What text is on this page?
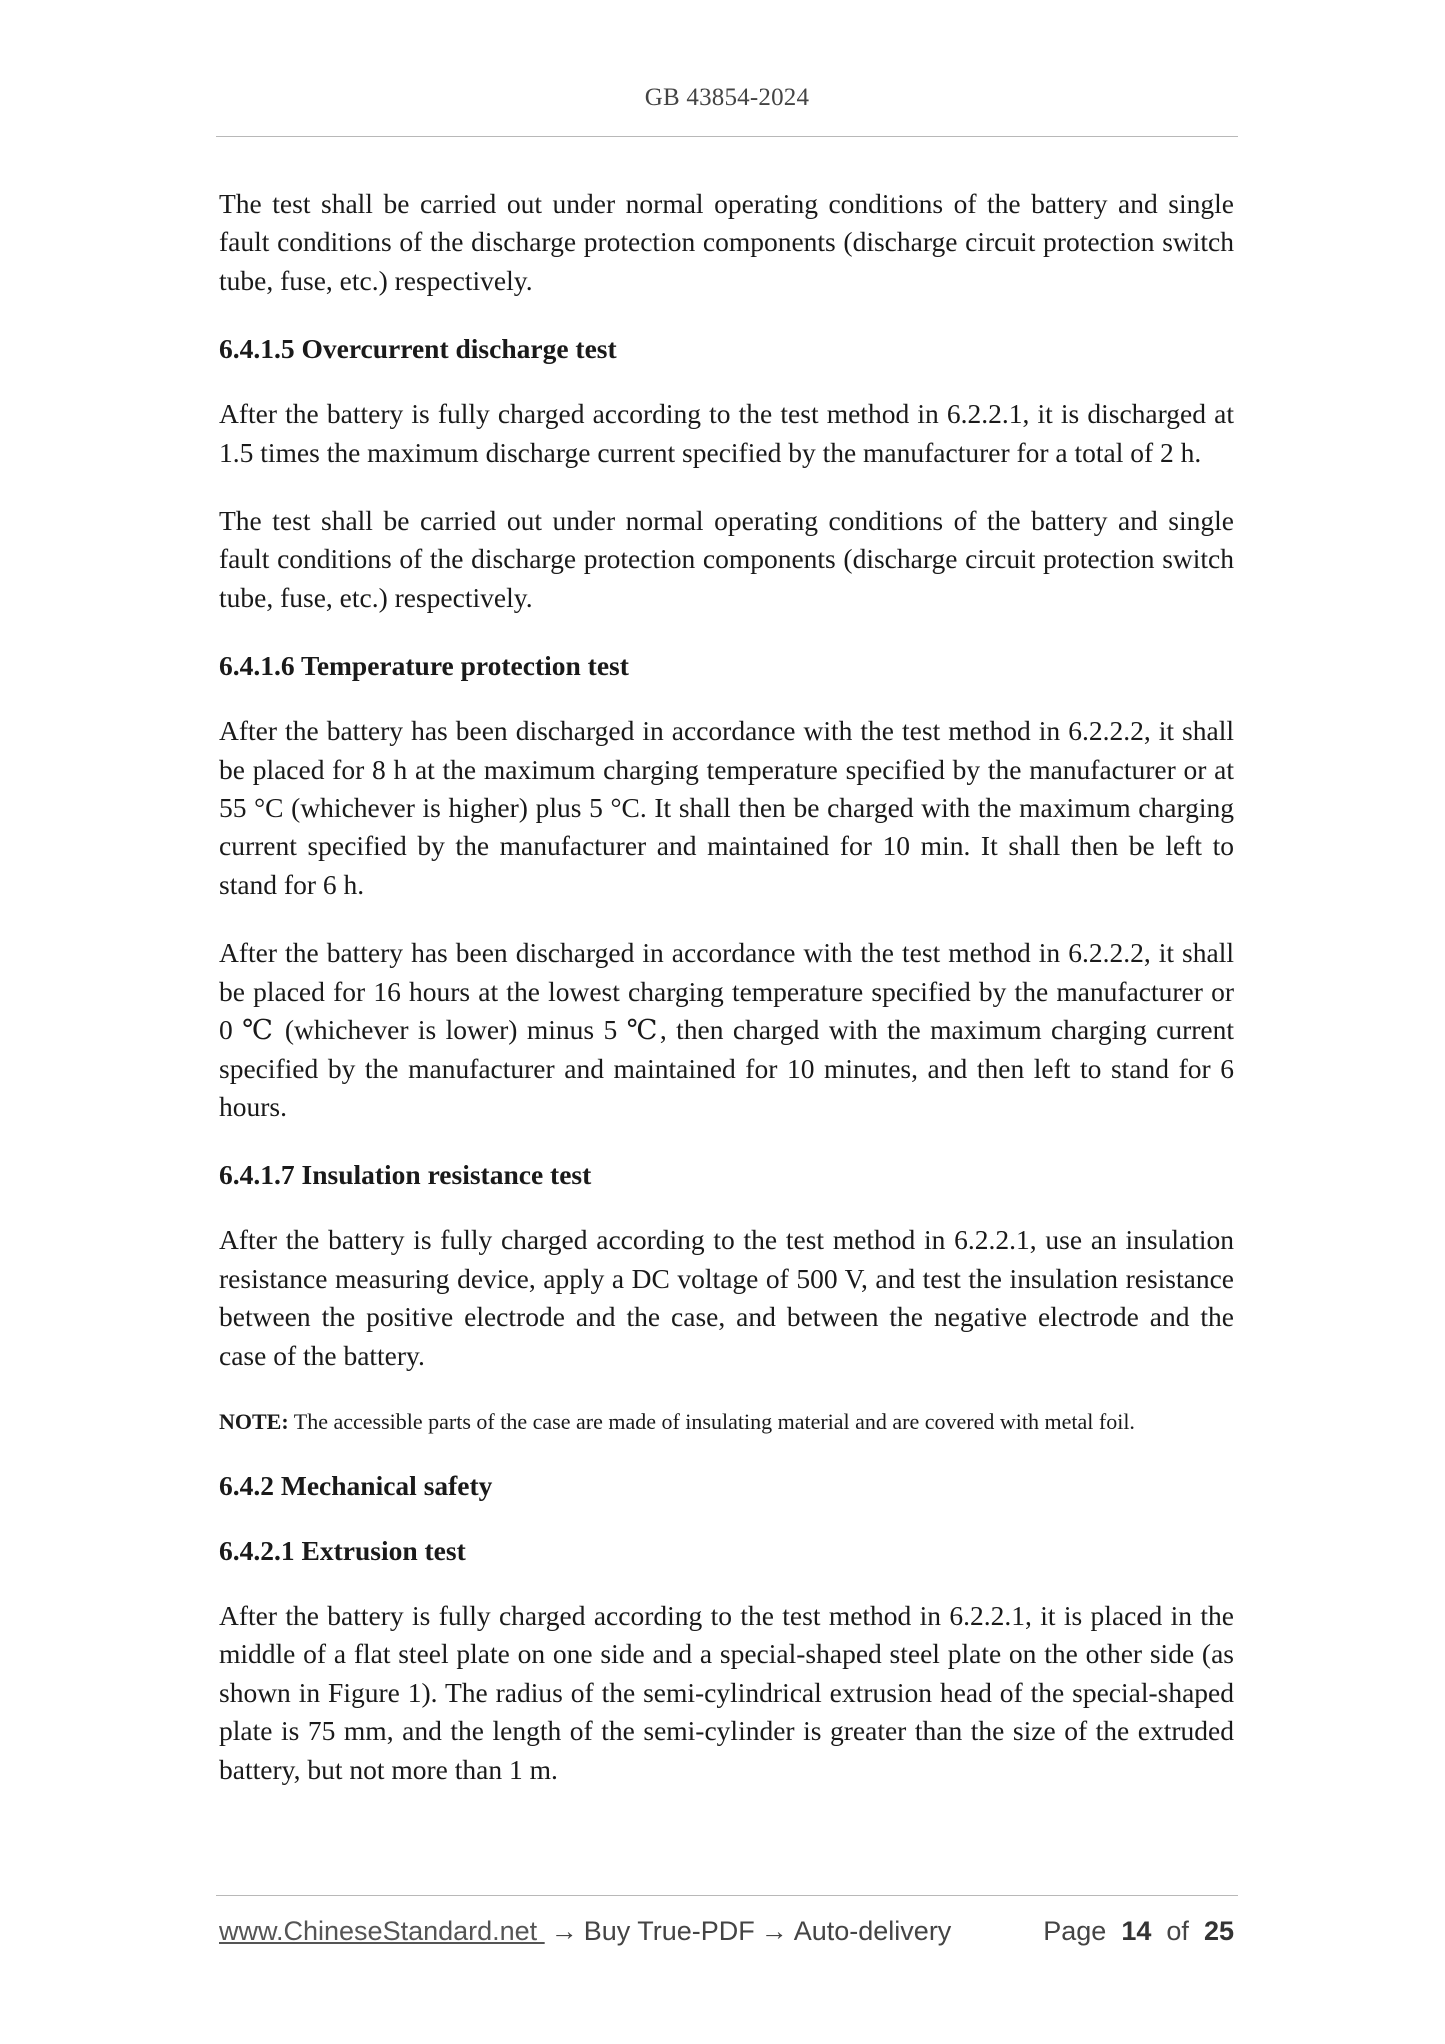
GB 43854-2024

The test shall be carried out under normal operating conditions of the battery and single fault conditions of the discharge protection components (discharge circuit protection switch tube, fuse, etc.) respectively.

6.4.1.5 Overcurrent discharge test

After the battery is fully charged according to the test method in 6.2.2.1, it is discharged at 1.5 times the maximum discharge current specified by the manufacturer for a total of 2 h.

The test shall be carried out under normal operating conditions of the battery and single fault conditions of the discharge protection components (discharge circuit protection switch tube, fuse, etc.) respectively.

6.4.1.6 Temperature protection test

After the battery has been discharged in accordance with the test method in 6.2.2.2, it shall be placed for 8 h at the maximum charging temperature specified by the manufacturer or at 55 °C (whichever is higher) plus 5 °C. It shall then be charged with the maximum charging current specified by the manufacturer and maintained for 10 min. It shall then be left to stand for 6 h.

After the battery has been discharged in accordance with the test method in 6.2.2.2, it shall be placed for 16 hours at the lowest charging temperature specified by the manufacturer or 0 ℃ (whichever is lower) minus 5 ℃, then charged with the maximum charging current specified by the manufacturer and maintained for 10 minutes, and then left to stand for 6 hours.

6.4.1.7 Insulation resistance test

After the battery is fully charged according to the test method in 6.2.2.1, use an insulation resistance measuring device, apply a DC voltage of 500 V, and test the insulation resistance between the positive electrode and the case, and between the negative electrode and the case of the battery.

NOTE: The accessible parts of the case are made of insulating material and are covered with metal foil.

6.4.2 Mechanical safety
6.4.2.1 Extrusion test

After the battery is fully charged according to the test method in 6.2.2.1, it is placed in the middle of a flat steel plate on one side and a special-shaped steel plate on the other side (as shown in Figure 1). The radius of the semi-cylindrical extrusion head of the special-shaped plate is 75 mm, and the length of the semi-cylinder is greater than the size of the extruded battery, but not more than 1 m.

www.ChineseStandard.net → Buy True-PDF → Auto-delivery	Page 14 of 25
